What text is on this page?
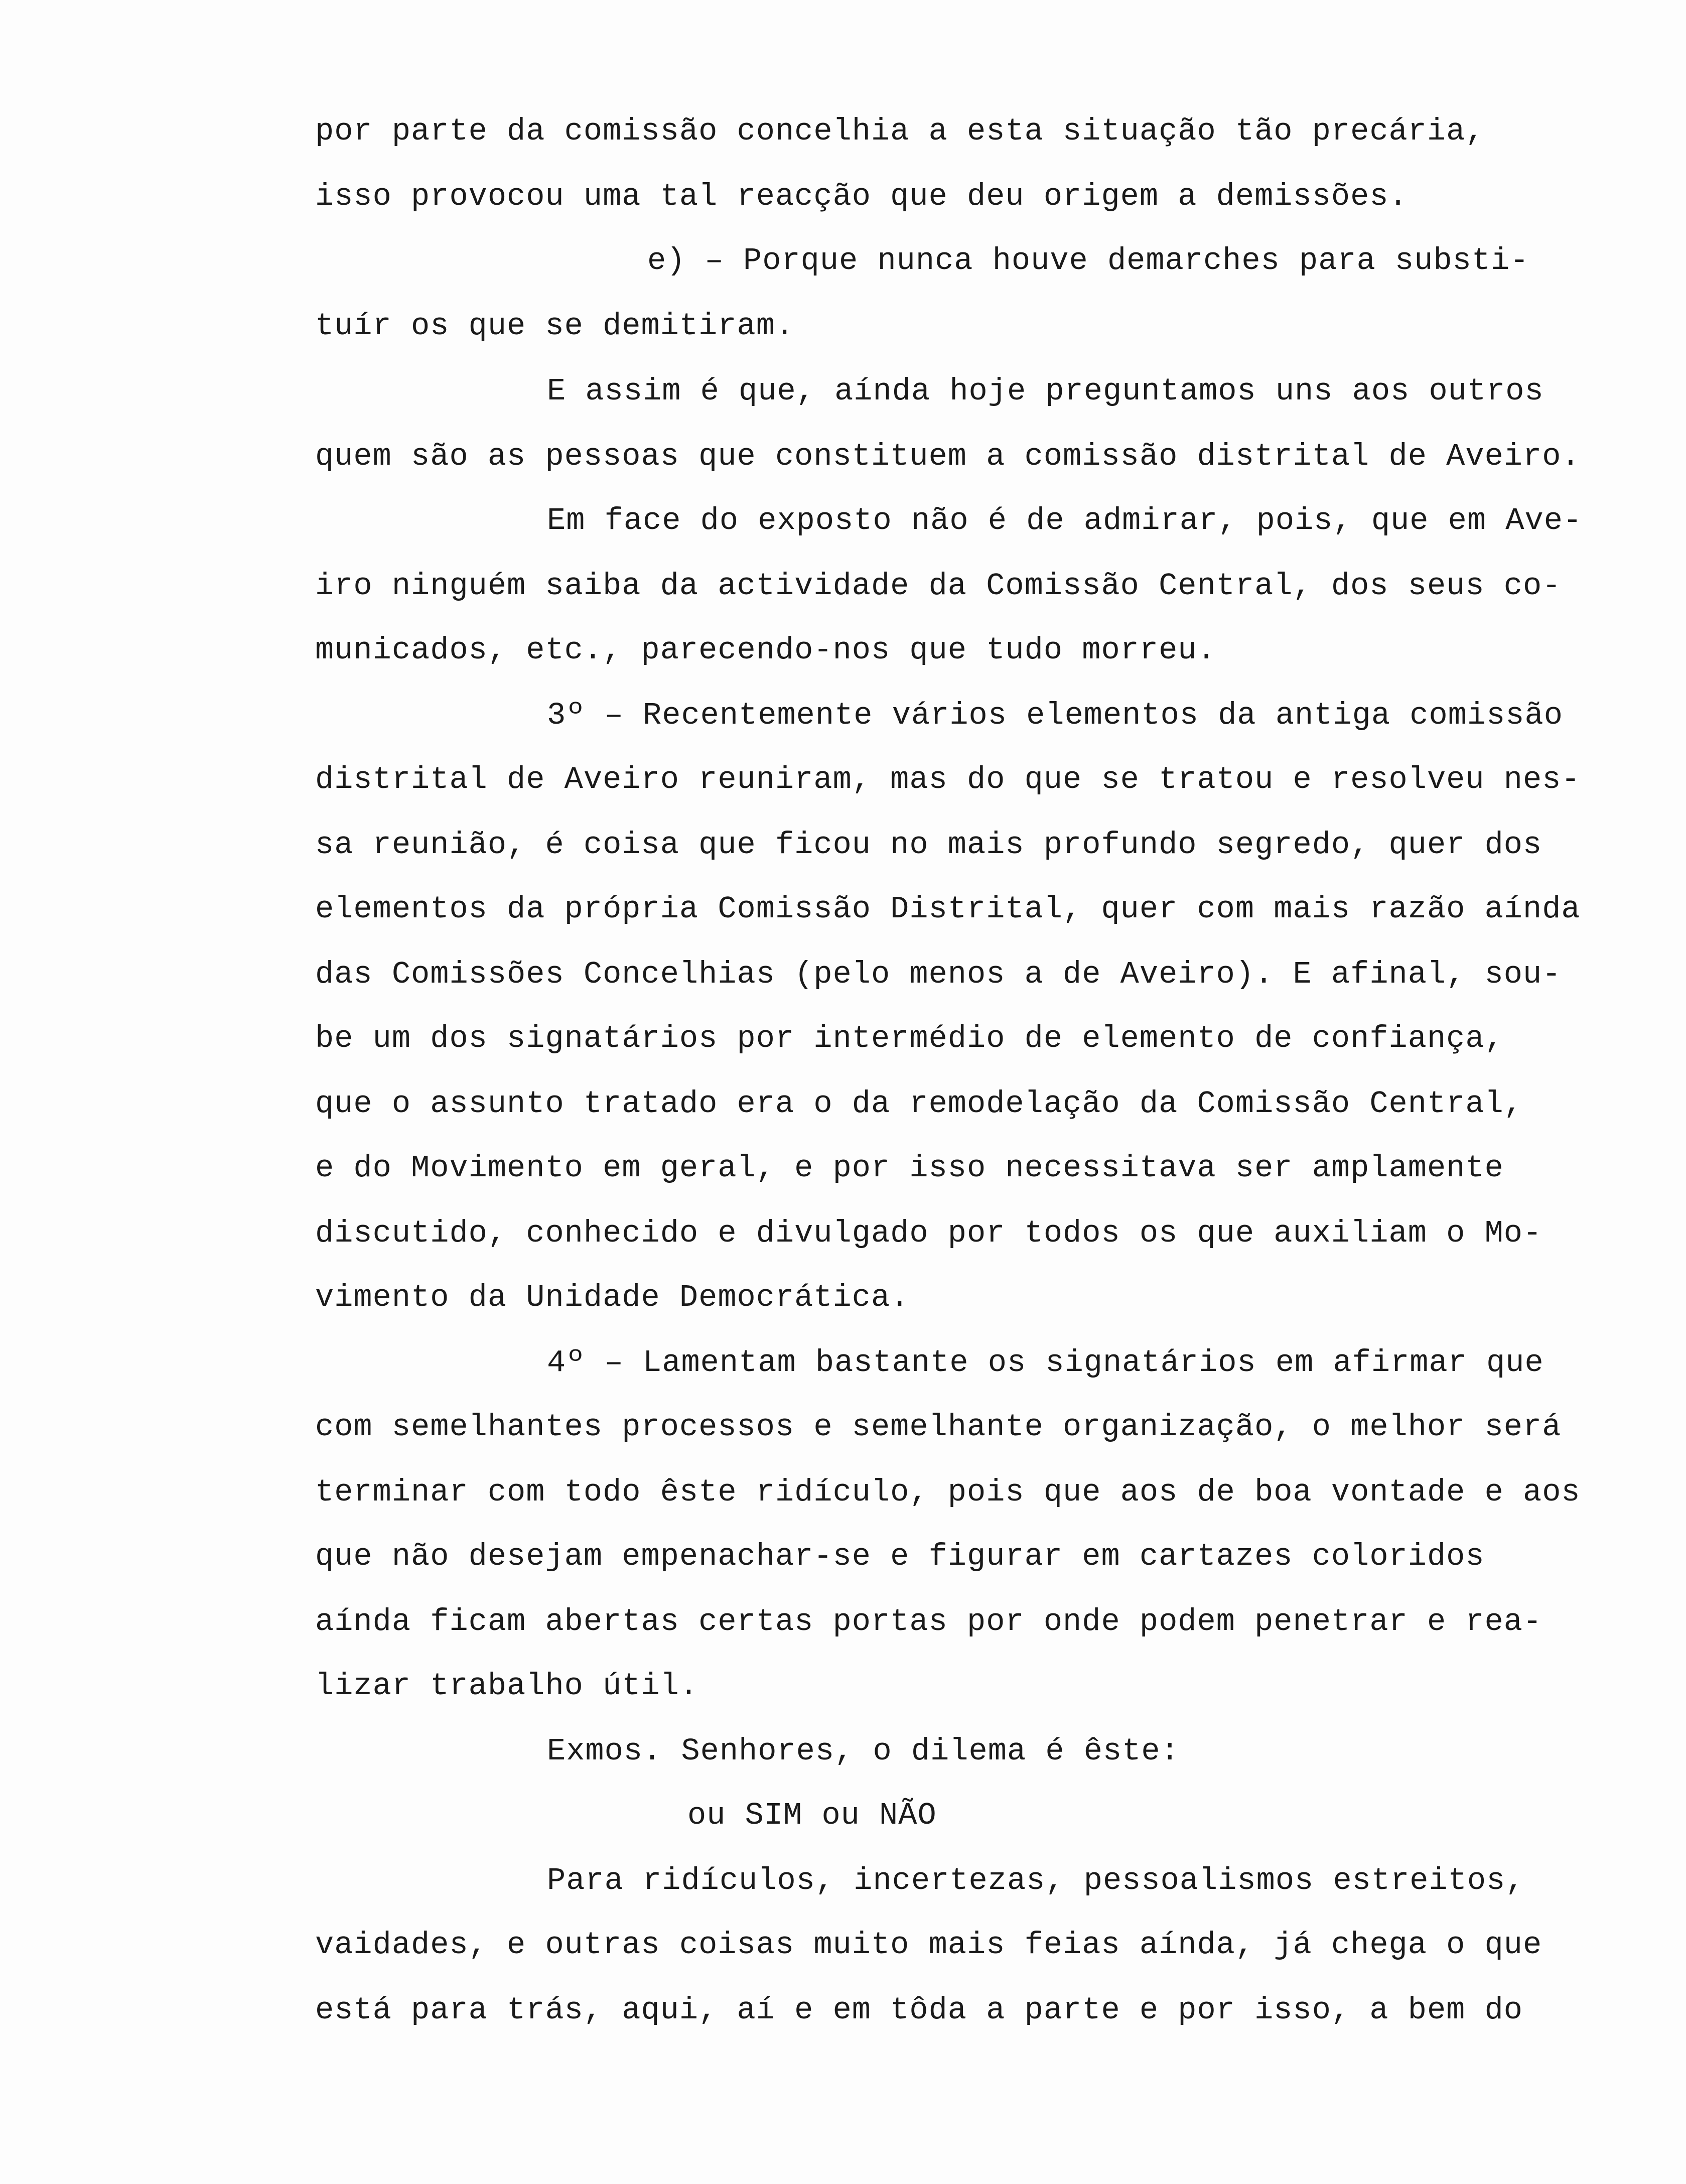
por parte da comissão concelhia a esta situação tão precária,
isso provocou uma tal reacção que deu origem a demissões.
e) – Porque nunca houve demarches para substi-
tuír os que se demitiram.
E assim é que, aínda hoje preguntamos uns aos outros
quem são as pessoas que constituem a comissão distrital de Aveiro.
Em face do exposto não é de admirar, pois, que em Ave-
iro ninguém saiba da actividade da Comissão Central, dos seus co-
municados, etc., parecendo-nos que tudo morreu.
3º – Recentemente vários elementos da antiga comissão
distrital de Aveiro reuniram, mas do que se tratou e resolveu nes-
sa reunião, é coisa que ficou no mais profundo segredo, quer dos
elementos da própria Comissão Distrital, quer com mais razão aínda
das Comissões Concelhias (pelo menos a de Aveiro). E afinal, sou-
be um dos signatários por intermédio de elemento de confiança,
que o assunto tratado era o da remodelação da Comissão Central,
e do Movimento em geral, e por isso necessitava ser amplamente
discutido, conhecido e divulgado por todos os que auxiliam o Mo-
vimento da Unidade Democrática.
4º – Lamentam bastante os signatários em afirmar que
com semelhantes processos e semelhante organização, o melhor será
terminar com todo êste ridículo, pois que aos de boa vontade e aos
que não desejam empenachar-se e figurar em cartazes coloridos
aínda ficam abertas certas portas por onde podem penetrar e rea-
lizar trabalho útil.
Exmos. Senhores, o dilema é êste:
ou SIM ou NÃO
Para ridículos, incertezas, pessoalismos estreitos,
vaidades, e outras coisas muito mais feias aínda, já chega o que
está para trás, aqui, aí e em tôda a parte e por isso, a bem do
